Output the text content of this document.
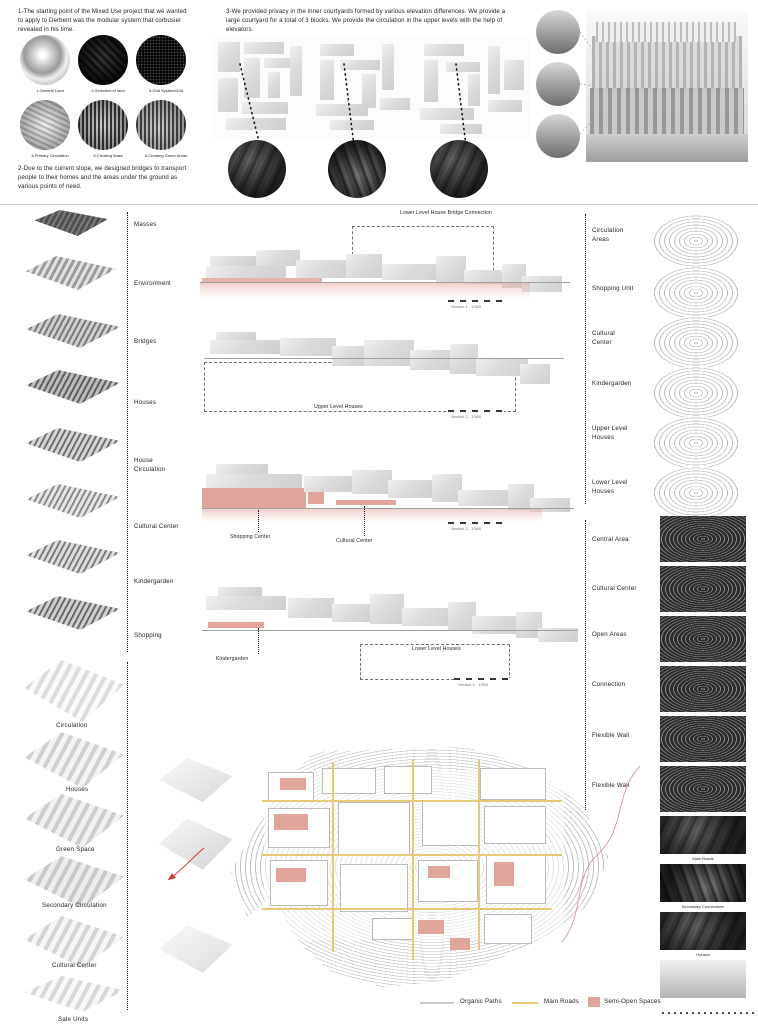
1-The starting point of the Mixed Use project that we wanted to apply to Derbent was the modular system that corbusier revealed in his time.
1-General Land	2-Selection of land	3-Grid System/Grid
4-Primary Circulation	5-Creating Mass	6-Creating Green Areas
2-Due to the current slope, we designed bridges to transport people to their homes and the areas under the ground as various points of need.
3-We provided privacy in the inner courtyards formed by various elevation differences. We provide a large courtyard for a total of 3 blocks. We provide the circulation in the upper levels with the help of elevators.
Masses
Environment
Bridges
Houses
House Circulation
Cultural Center
Kindergarden
Shopping
Circulation
Houses
Green Space
Secondary Circulation
Cultural Center
Sale Units
Lower Level House Bridge Connection
Section 1 - 1/500
Upper Level Houses
Section 2 - 1/500
Shopping Center
Cultural Center
Section 3 - 1/500
Lower Level Houses
Kindergarden
Section 4 - 1/500
Circulation Areas
Shopping Unit
Cultural Center
Kindergarden
Upper Level Houses
Lower Level Houses
Central Area
Cultural Center
Open Areas
Connection
Flexible Wall
Flexible Wall
Main Roads
Secondary Connections
Houses
Organic Paths	Main Roads	Semi-Open Spaces
